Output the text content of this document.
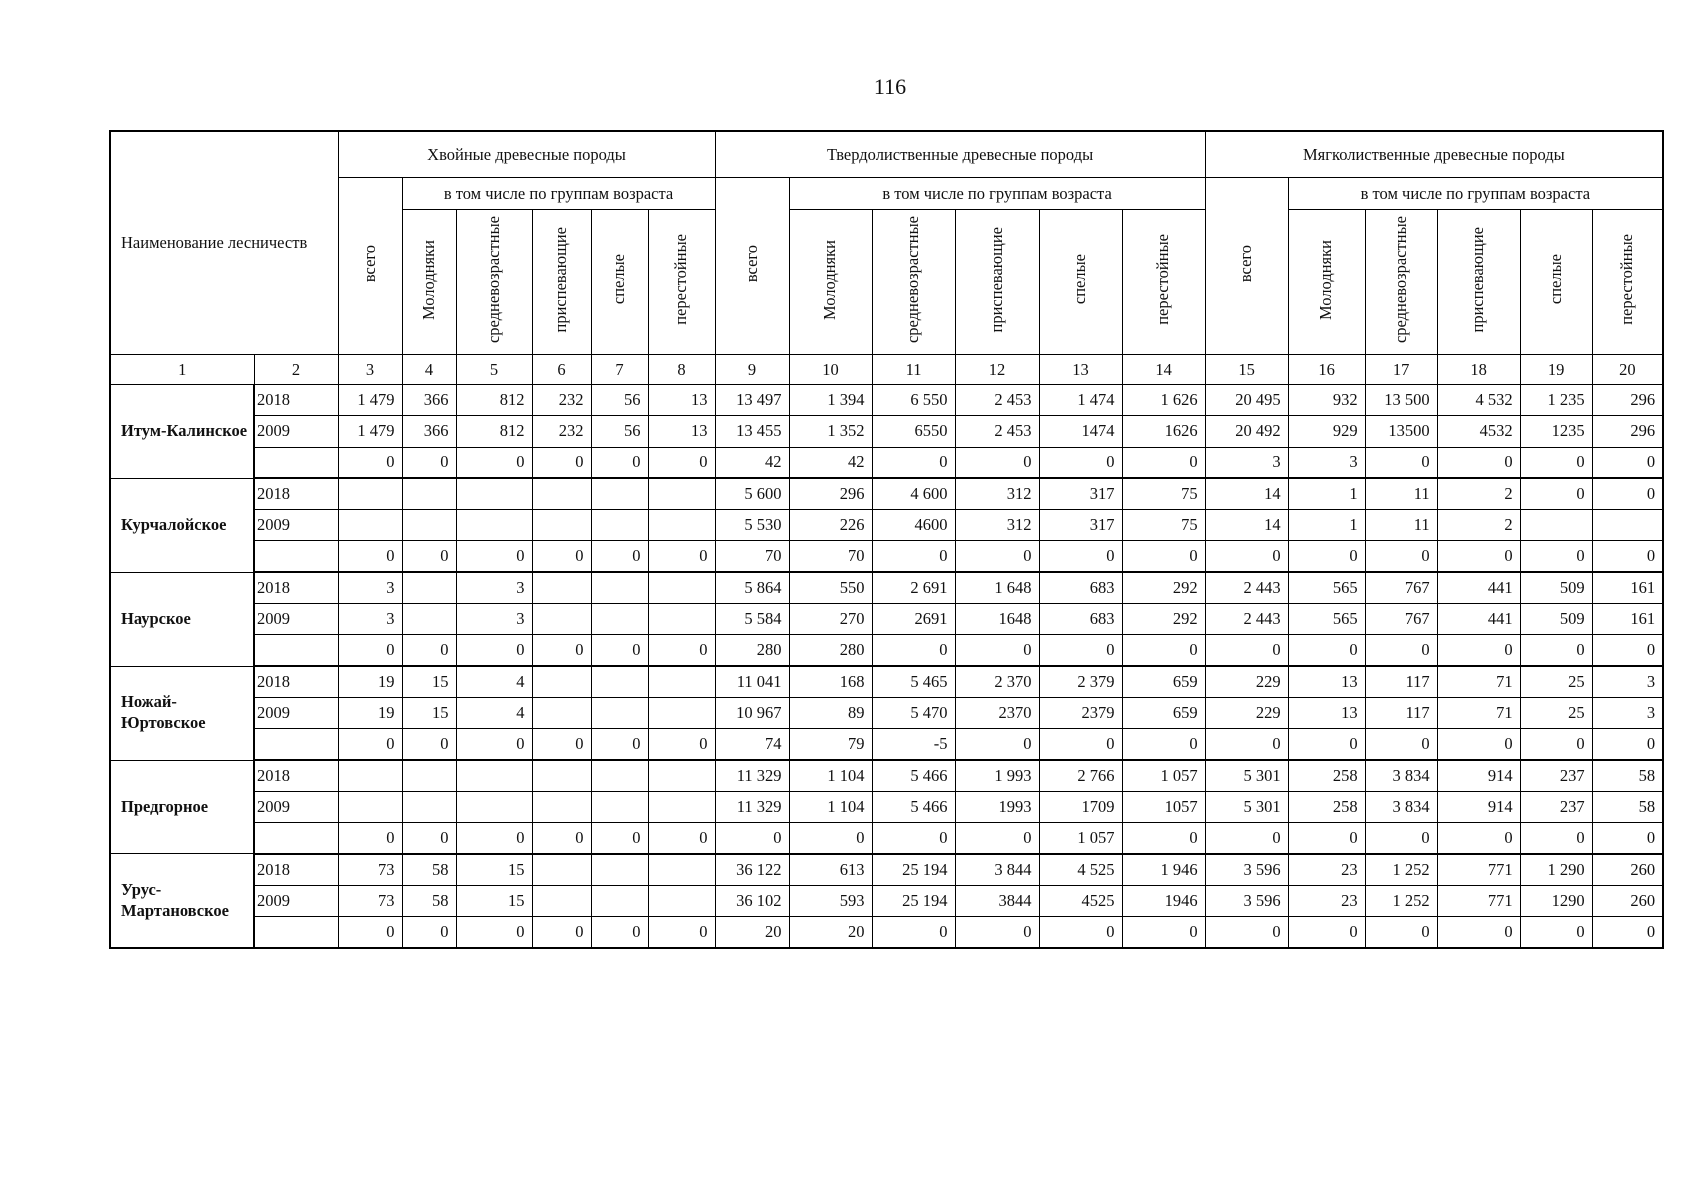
116
Наименование лесничеств		Хвойные древесные породы						Твердолиственные древесные породы						Мягколиственные древесные породы					
		всего	в том числе по группам возраста					всего	в том числе по группам возраста					всего	в том числе по группам возраста				
			Молодняки	средневозрастные	приспевающие	спелые	перестойные		Молодняки	средневозрастные	приспевающие	спелые	перестойные		Молодняки	средневозрастные	приспевающие	спелые	перестойные
1	2	3	4	5	6	7	8	9	10	11	12	13	14	15	16	17	18	19	20
Итум-Калинское	2018	1 479	366	812	232	56	13	13 497	1 394	6 550	2 453	1 474	1 626	20 495	932	13 500	4 532	1 235	296
	2009	1 479	366	812	232	56	13	13 455	1 352	6550	2 453	1474	1626	20 492	929	13500	4532	1235	296
		0	0	0	0	0	0	42	42	0	0	0	0	3	3	0	0	0	0
Курчалойское	2018							5 600	296	4 600	312	317	75	14	1	11	2	0	0
	2009							5 530	226	4600	312	317	75	14	1	11	2		
		0	0	0	0	0	0	70	70	0	0	0	0	0	0	0	0	0	0
Наурское	2018	3		3				5 864	550	2 691	1 648	683	292	2 443	565	767	441	509	161
	2009	3		3				5 584	270	2691	1648	683	292	2 443	565	767	441	509	161
		0	0	0	0	0	0	280	280	0	0	0	0	0	0	0	0	0	0
Ножай-Юртовское	2018	19	15	4				11 041	168	5 465	2 370	2 379	659	229	13	117	71	25	3
	2009	19	15	4				10 967	89	5 470	2370	2379	659	229	13	117	71	25	3
		0	0	0	0	0	0	74	79	-5	0	0	0	0	0	0	0	0	0
Предгорное	2018							11 329	1 104	5 466	1 993	2 766	1 057	5 301	258	3 834	914	237	58
	2009							11 329	1 104	5 466	1993	1709	1057	5 301	258	3 834	914	237	58
		0	0	0	0	0	0	0	0	0	0	1 057	0	0	0	0	0	0	0
Урус-Мартановское	2018	73	58	15				36 122	613	25 194	3 844	4 525	1 946	3 596	23	1 252	771	1 290	260
	2009	73	58	15				36 102	593	25 194	3844	4525	1946	3 596	23	1 252	771	1290	260
		0	0	0	0	0	0	20	20	0	0	0	0	0	0	0	0	0	0
